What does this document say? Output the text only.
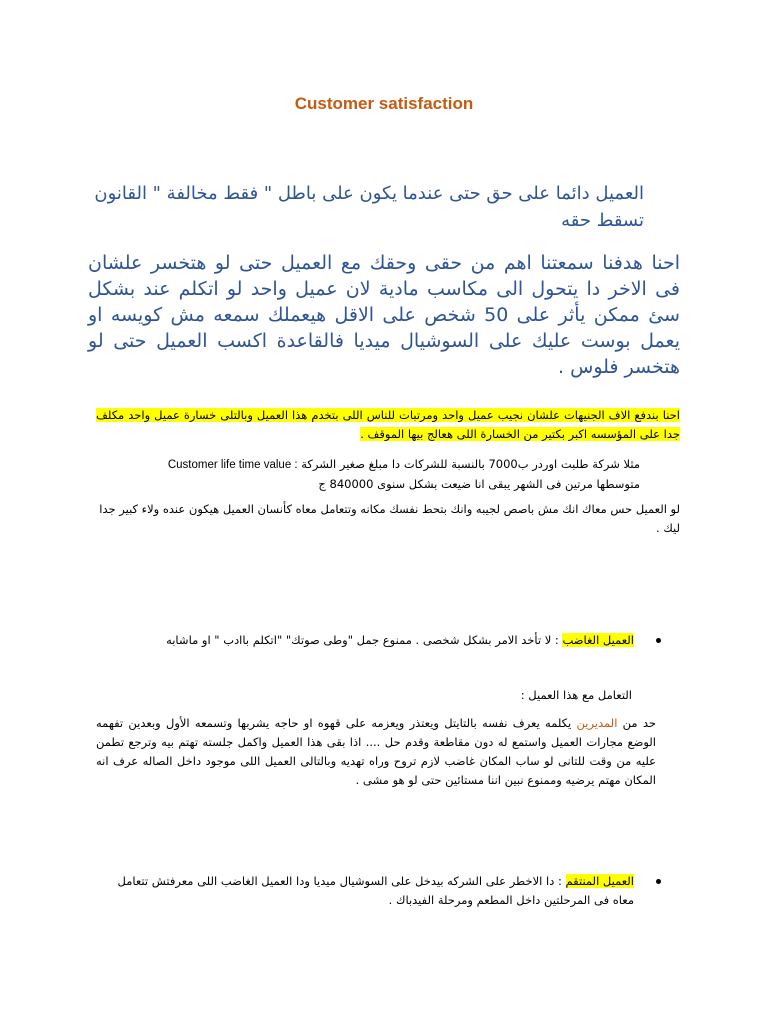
Customer satisfaction
العميل دائما على حق حتى عندما يكون على باطل " فقط مخالفة " القانون تسقط حقه
احنا هدفنا سمعتنا اهم من حقى وحقك مع العميل حتى لو هتخسر علشان فى الاخر دا يتحول الى مكاسب مادية لان عميل واحد لو اتكلم عند بشكل سئ ممكن يأثر على 50 شخص على الاقل هيعملك سمعه مش كويسه او يعمل بوست عليك على السوشيال ميديا فالقاعدة اكسب العميل حتى لو هتخسر فلوس .
احنا بندفع الاف الجنيهات علشان نجيب عميل واحد ومرتبات للناس اللى بتخدم هذا العميل وبالتلى خسارة عميل واحد مكلف جدا على المؤسسه اكبر بكتير من الخسارة اللى هعالج بيها الموقف .
مثلا شركة طلبت اوردر ب7000 بالنسبة للشركات دا مبلغ صغير الشركة Customer life time value :
متوسطها مرتين فى الشهر يبقى انا ضيعت بشكل سنوى 840000 ج
لو العميل حس معاك انك مش باصص لجيبه وانك بتحط نفسك مكانه وتتعامل معاه كأنسان العميل هيكون عنده ولاء كبير جدا ليك .
العميل الغاضب : لا تأخد الامر بشكل شخصى . ممنوع جمل "وطى صوتك" "اتكلم باادب " او ماشابه
التعامل مع هذا العميل :
حد من المديرين يكلمه يعرف نفسه بالتايتل ويعتذر ويعزمه على قهوه او حاجه يشربها وتسمعه الأول وبعدين تفهمه الوضع مجارات العميل واستمع له دون مقاطعة وقدم حل .... اذا بقى هذا العميل واكمل جلسته تهتم بيه وترجع تطمن عليه من وقت للتانى لو ساب المكان غاضب لازم تروح وراه تهديه وبالتالى العميل اللى موجود داخل الصاله عرف انه المكان مهتم يرضيه وممنوع نبين اننا مستائين حتى لو هو مشى .
العميل المنتقم : دا الاخطر على الشركه بيدخل على السوشيال ميديا ودا العميل الغاضب اللى معرفتش تتعامل معاه فى المرحلتين داخل المطعم ومرحلة الفيدباك .
